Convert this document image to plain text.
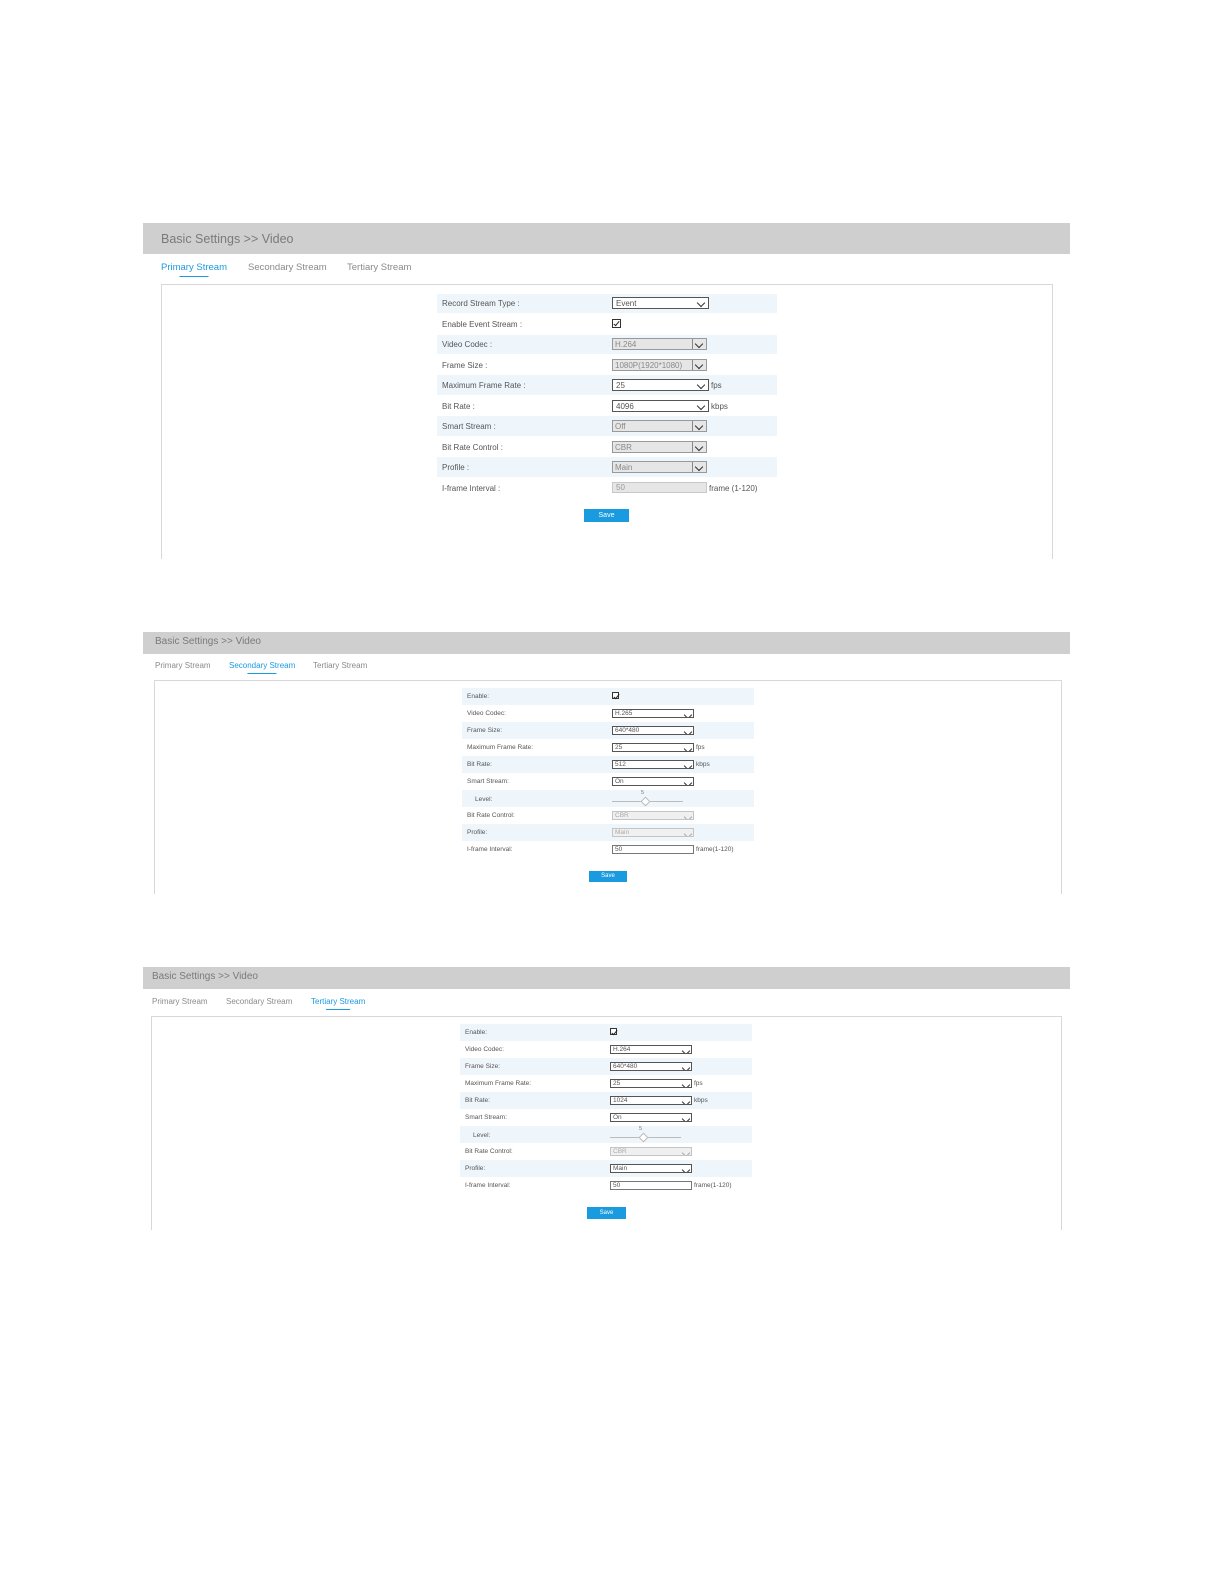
Basic Settings >> Video
Primary Stream Secondary Stream Tertiary Stream
Record Stream Type :	Event
Enable Event Stream :
Video Codec :	H.264
Frame Size :	1080P(1920*1080)
Maximum Frame Rate :	25	fps
Bit Rate :	4096	kbps
Smart Stream :	Off
Bit Rate Control :	CBR
Profile :	Main
I-frame Interval :	50	frame (1-120)
Save
Basic Settings >> Video
Primary Stream Secondary Stream Tertiary Stream
Enable:
Video Codec:	H.265
Frame Size:	640*480
Maximum Frame Rate:	25	fps
Bit Rate:	512	kbps
Smart Stream:	On
Level:
5
Bit Rate Control:	CBR
Profile:	Main
I-frame Interval:	50	frame(1-120)
Save
Basic Settings >> Video
Primary Stream Secondary Stream Tertiary Stream
Enable:
Video Codec:	H.264
Frame Size:	640*480
Maximum Frame Rate:	25	fps
Bit Rate:	1024	kbps
Smart Stream:	On
Level:
5
Bit Rate Control:	CBR
Profile:	Main
I-frame Interval:	50	frame(1-120)
Save
